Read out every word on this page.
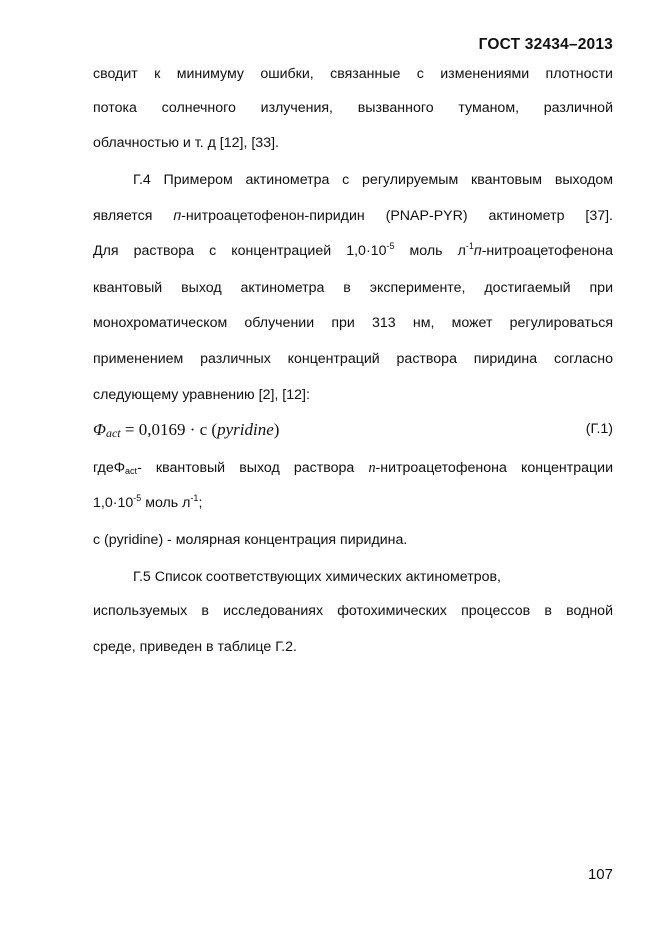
ГОСТ 32434–2013
сводит к минимуму ошибки, связанные с изменениями плотности
потока солнечного излучения, вызванного туманом, различной
облачностью и т. д [12], [33].
Г.4 Примером актинометра с регулируемым квантовым выходом
является п-нитроацетофенон-пиридин (PNAP-PYR) актинометр [37].
Для раствора с концентрацией $1,0\cdot 10^{-5}$ моль $л^{-1}п$-нитроацетофенона
квантовый выход актинометра в эксперименте, достигаемый при
монохроматическом облучении при 313 нм, может регулироваться
применением различных концентраций раствора пиридина согласно
следующему уравнению [2], [12]:
$\Phi_{act} = 0,0169 \cdot c$ (pyridine)	(Г.1)
гдеΦ$_{act}$- квантовый выход раствора n-нитроацетофенона концентрации
$1,0\cdot 10^{-5}$ моль $л^{-1}$;
с (pyridine) - молярная концентрация пиридина.
Г.5 Список соответствующих химических актинометров,
используемых в исследованиях фотохимических процессов в водной
среде, приведен в таблице Г.2.
107
